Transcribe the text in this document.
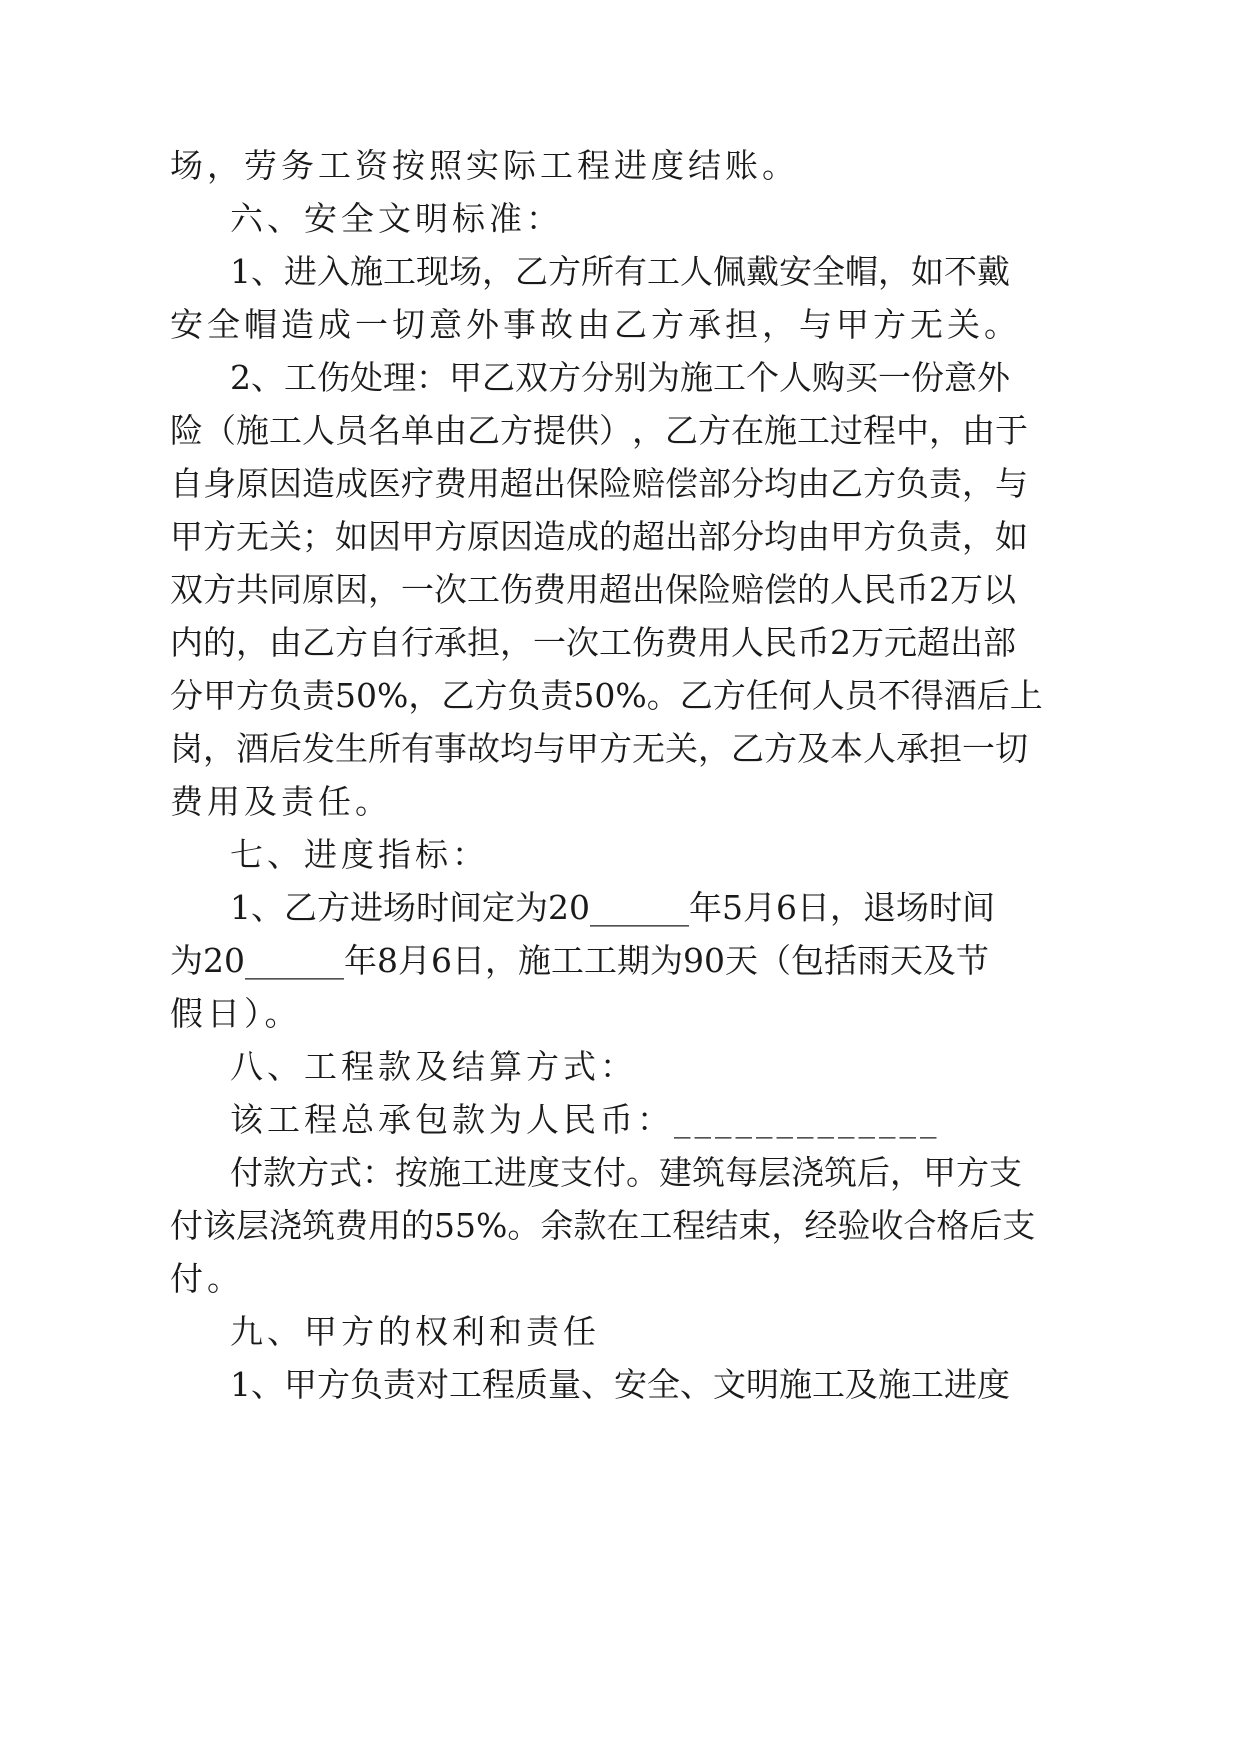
场，劳务工资按照实际工程进度结账。
六、安全文明标准：
1 、 进 入 施 工 现 场 ， 乙 方 所 有 工 人 佩 戴 安 全 帽 ， 如 不 戴
安全帽造成一切意外事故由乙方承担，与甲方无关。
2 、 工 伤 处 理 ： 甲 乙 双 方 分 别 为 施 工 个 人 购 买 一 份 意 外
险 （ 施 工 人 员 名 单 由 乙 方 提 供 ） ， 乙 方 在 施 工 过 程 中 ， 由 于
自 身 原 因 造 成 医 疗 费 用 超 出 保 险 赔 偿 部 分 均 由 乙 方 负 责 ， 与
甲 方 无 关 ； 如 因 甲 方 原 因 造 成 的 超 出 部 分 均 由 甲 方 负 责 ， 如
双 方 共 同 原 因 ， 一 次 工 伤 费 用 超 出 保 险 赔 偿 的 人 民 币 2 万 以
内 的 ， 由 乙 方 自 行 承 担 ， 一 次 工 伤 费 用 人 民 币 2 万 元 超 出 部
分 甲 方 负 责 50% ， 乙 方 负 责 50% 。 乙 方 任 何 人 员 不 得 酒 后 上
岗 ， 酒 后 发 生 所 有 事 故 均 与 甲 方 无 关 ， 乙 方 及 本 人 承 担 一 切
费用及责任。
七、进度指标：
1 、 乙 方 进 场 时 间 定 为 20______ 年 5 月 6 日 ， 退 场 时 间
为 20______ 年 8 月 6 日 ， 施 工 工 期 为 90 天 （ 包 括 雨 天 及 节
假日）。
八、工程款及结算方式：
该工程总承包款为人民币：_____________
付 款 方 式 ： 按 施 工 进 度 支 付 。 建 筑 每 层 浇 筑 后 ， 甲 方 支
付 该 层 浇 筑 费 用 的 55% 。 余 款 在 工 程 结 束 ， 经 验 收 合 格 后 支
付。
九、甲方的权利和责任
1 、 甲 方 负 责 对 工 程 质 量 、 安 全 、 文 明 施 工 及 施 工 进 度
